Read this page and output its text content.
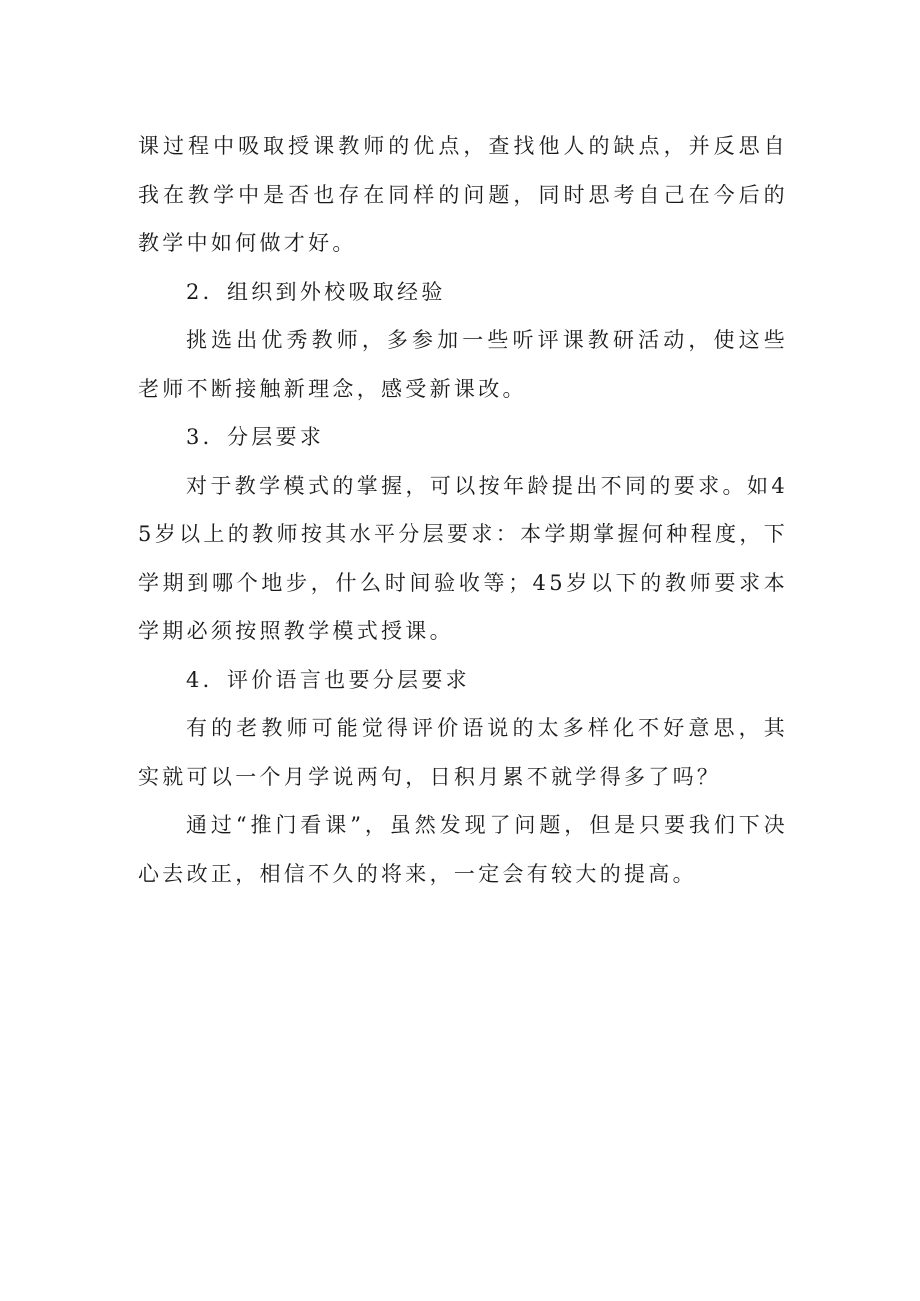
课过程中吸取授课教师的优点，查找他人的缺点，并反思自我在教学中是否也存在同样的问题，同时思考自己在今后的教学中如何做才好。

2．组织到外校吸取经验

挑选出优秀教师，多参加一些听评课教研活动，使这些老师不断接触新理念，感受新课改。

3．分层要求

对于教学模式的掌握，可以按年龄提出不同的要求。如45岁以上的教师按其水平分层要求：本学期掌握何种程度，下学期到哪个地步，什么时间验收等；45岁以下的教师要求本学期必须按照教学模式授课。

4．评价语言也要分层要求

有的老教师可能觉得评价语说的太多样化不好意思，其实就可以一个月学说两句，日积月累不就学得多了吗？

通过“推门看课”，虽然发现了问题，但是只要我们下决心去改正，相信不久的将来，一定会有较大的提高。
